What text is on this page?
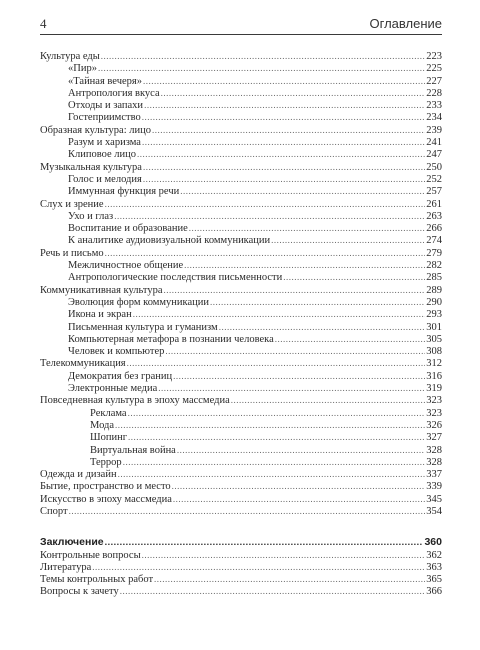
4	Оглавление
Культура еды .....	223
«Пир» .....	225
«Тайная вечеря» .....	227
Антропология вкуса .....	228
Отходы и запахи .....	233
Гостеприимство .....	234
Образная культура: лицо .....	239
Разум и харизма .....	241
Клиповое лицо .....	247
Музыкальная культура .....	250
Голос и мелодия .....	252
Иммунная функция речи .....	257
Слух и зрение .....	261
Ухо и глаз .....	263
Воспитание и образование .....	266
К аналитике аудиовизуальной коммуникации .....	274
Речь и письмо .....	279
Межличностное общение .....	282
Антропологические последствия письменности .....	285
Коммуникативная культура .....	289
Эволюция форм коммуникации .....	290
Икона и экран .....	293
Письменная культура и гуманизм .....	301
Компьютерная метафора в познании человека .....	305
Человек и компьютер .....	308
Телекоммуникация .....	312
Демократия без границ .....	316
Электронные медиа .....	319
Повседневная культура в эпоху массмедиа .....	323
Реклама .....	323
Мода .....	326
Шопинг .....	327
Виртуальная война .....	328
Террор .....	328
Одежда и дизайн .....	337
Бытие, пространство и место .....	339
Искусство в эпоху массмедиа .....	345
Спорт .....	354
Заключение .....	360
Контрольные вопросы .....	362
Литература .....	363
Темы контрольных работ .....	365
Вопросы к зачету .....	366
